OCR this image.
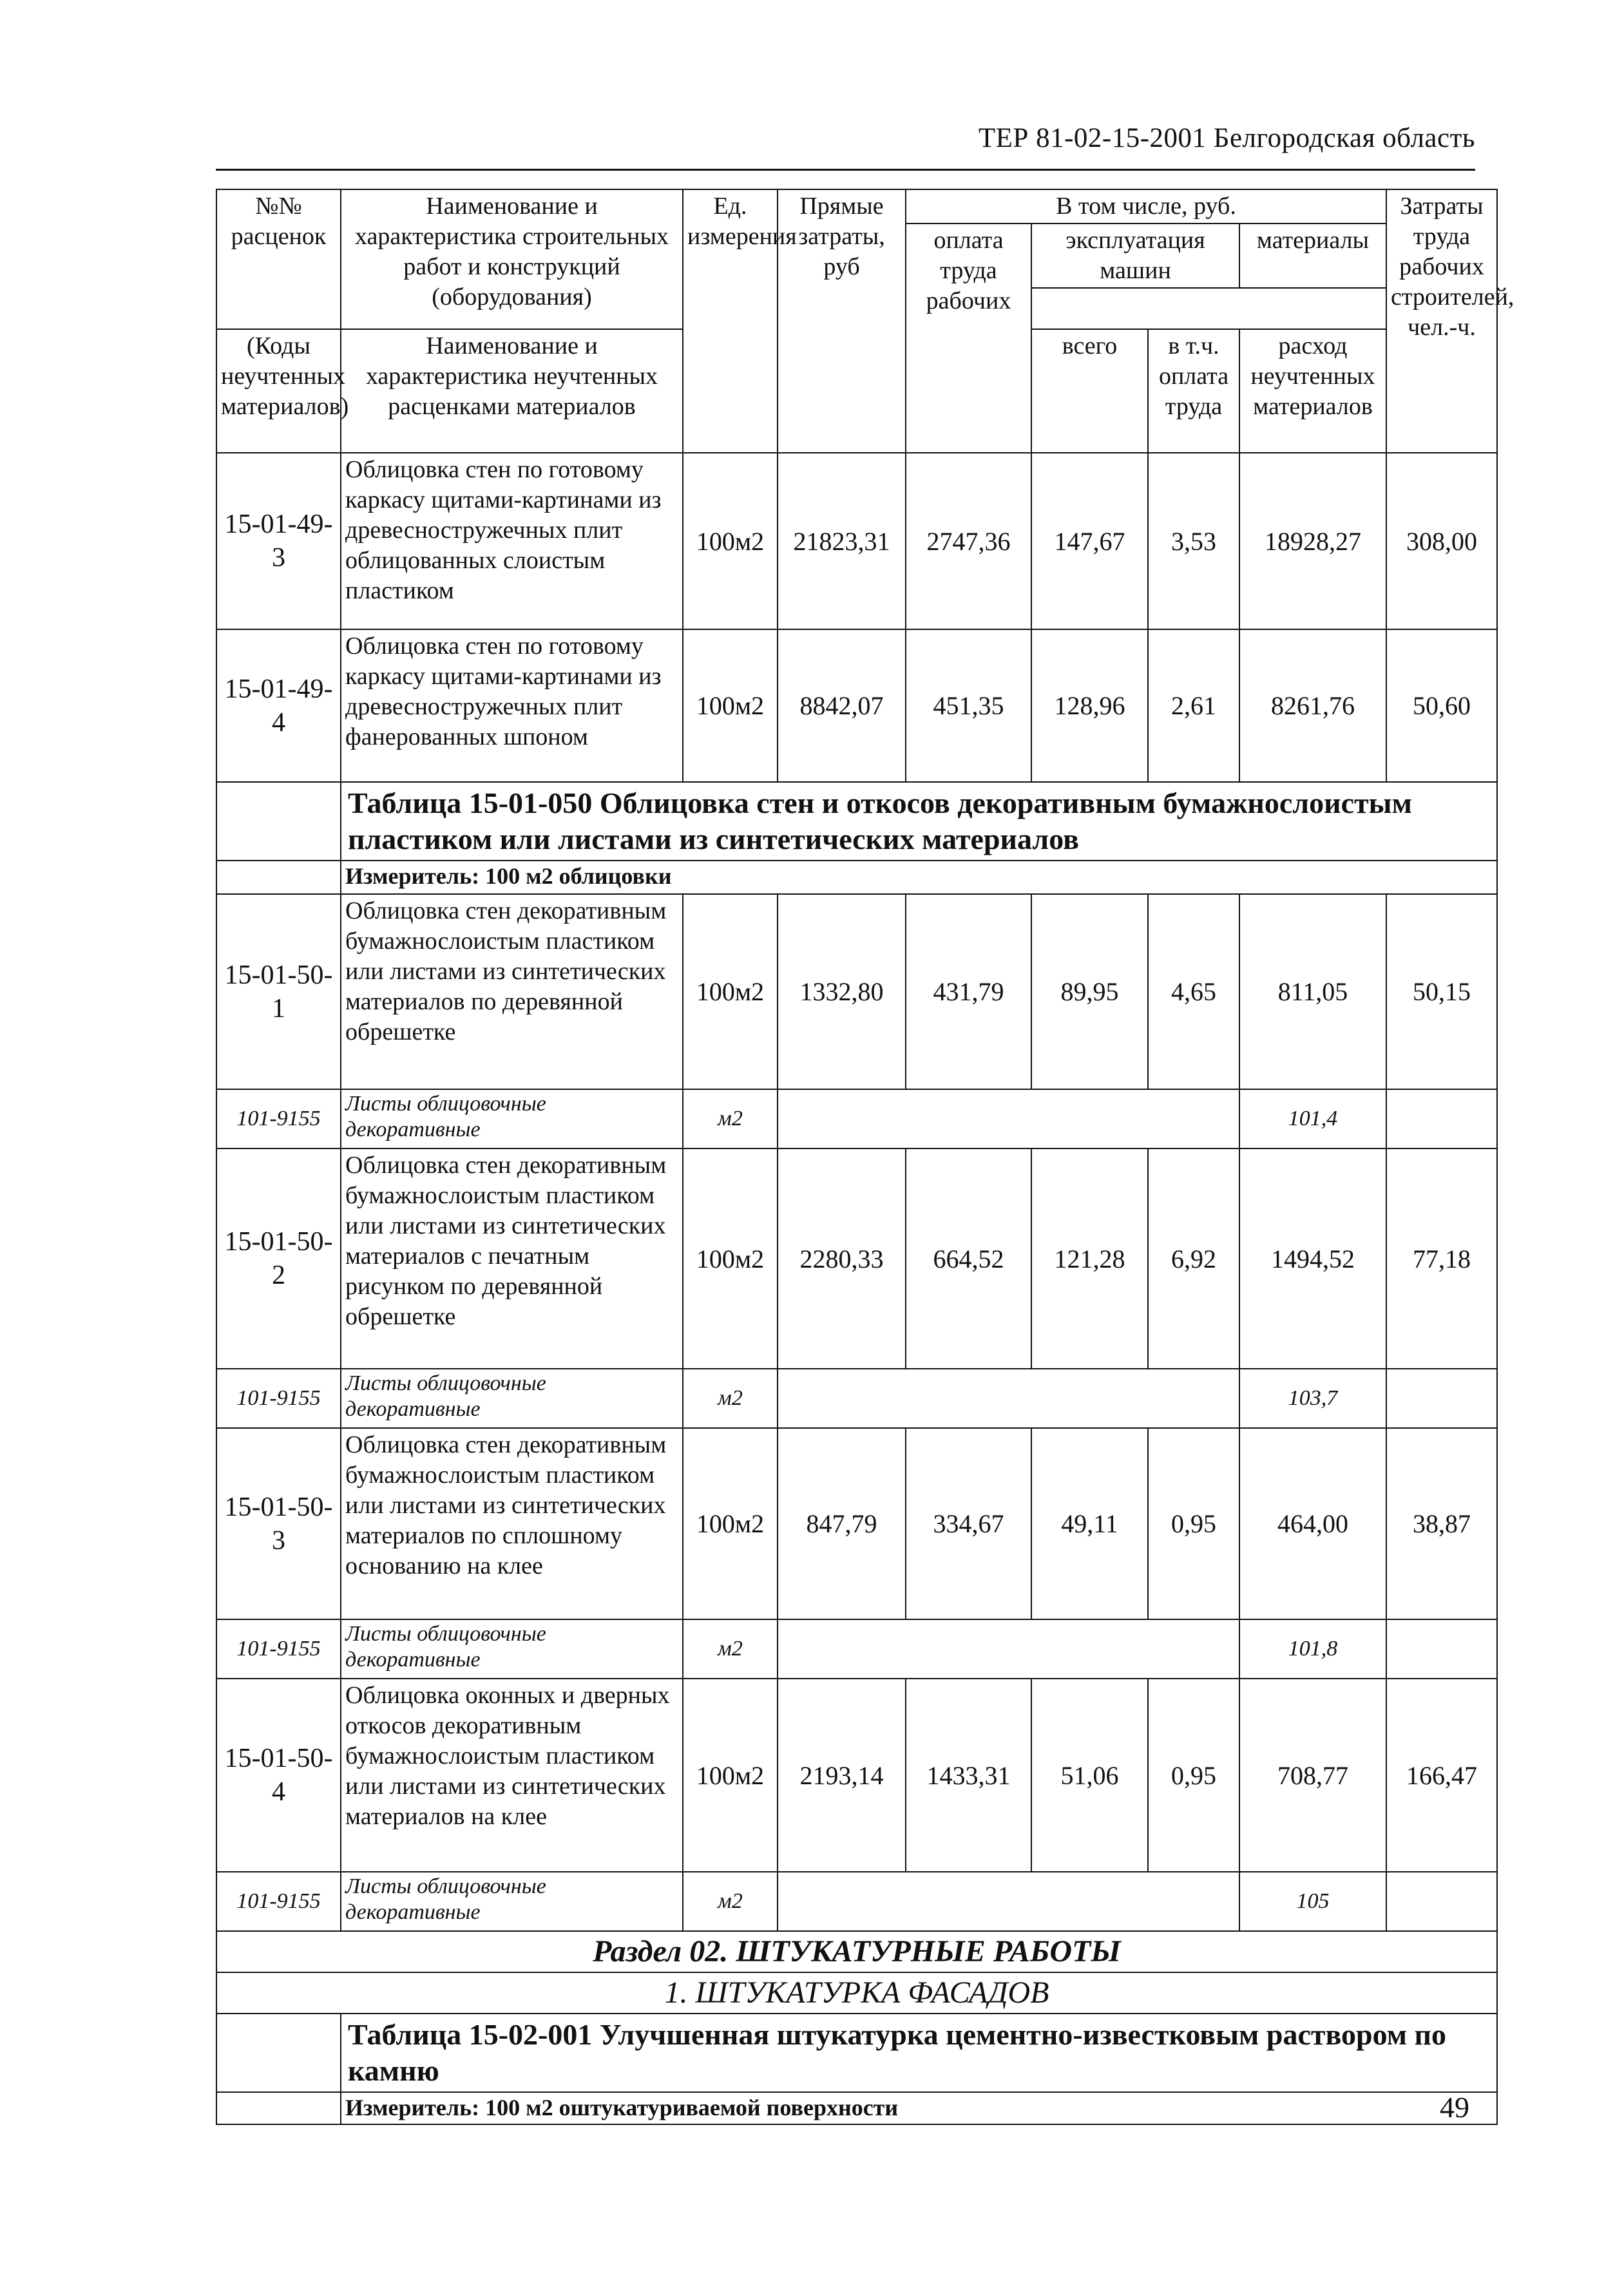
ТЕР 81-02-15-2001 Белгородская область
№№ расценок	Наименование и характеристика строительных работ и конструкций (оборудования)	Ед. измерения	Прямые затраты, руб	В том числе, руб.				Затраты труда рабочих строителей, чел.-ч.
				оплата труда рабочих	эксплуатация машин		материалы	

(Коды неучтенных материалов)	Наименование и характеристика неучтенных расценками материалов				всего	в т.ч. оплата труда	расход неучтенных материалов	

15-01-49-3	Облицовка стен по готовому каркасу щитами-картинами из древесностружечных плит облицованных слоистым пластиком	100м2	21823,31	2747,36	147,67	3,53	18928,27	308,00
15-01-49-4	Облицовка стен по готовому каркасу щитами-картинами из древесностружечных плит фанерованных шпоном	100м2	8842,07	451,35	128,96	2,61	8261,76	50,60
	Таблица 15-01-050 Облицовка стен и откосов декоративным бумажнослоистым пластиком или листами из синтетических материалов							
	Измеритель: 100 м2 облицовки							
15-01-50-1	Облицовка стен декоративным бумажнослоистым пластиком или листами из синтетических материалов по деревянной обрешетке	100м2	1332,80	431,79	89,95	4,65	811,05	50,15
101-9155	Листы облицовочные декоративные	м2					101,4	
15-01-50-2	Облицовка стен декоративным бумажнослоистым пластиком или листами из синтетических материалов с печатным рисунком по деревянной обрешетке	100м2	2280,33	664,52	121,28	6,92	1494,52	77,18
101-9155	Листы облицовочные декоративные	м2					103,7	
15-01-50-3	Облицовка стен декоративным бумажнослоистым пластиком или листами из синтетических материалов по сплошному основанию на клее	100м2	847,79	334,67	49,11	0,95	464,00	38,87
101-9155	Листы облицовочные декоративные	м2					101,8	
15-01-50-4	Облицовка оконных и дверных откосов декоративным бумажнослоистым пластиком или листами из синтетических материалов на клее	100м2	2193,14	1433,31	51,06	0,95	708,77	166,47
101-9155	Листы облицовочные декоративные	м2					105	
Раздел 02. ШТУКАТУРНЫЕ РАБОТЫ								
1. ШТУКАТУРКА ФАСАДОВ								
	Таблица 15-02-001 Улучшенная штукатурка цементно-известковым раствором по камню							
	Измеритель: 100 м2 оштукатуриваемой поверхности								49
